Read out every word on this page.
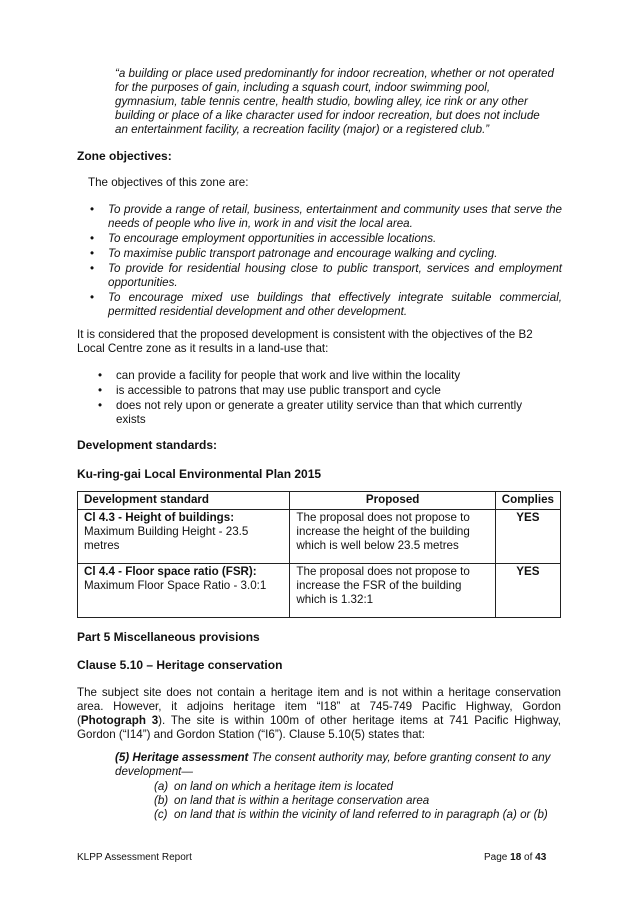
“a building or place used predominantly for indoor recreation, whether or not operated for the purposes of gain, including a squash court, indoor swimming pool, gymnasium, table tennis centre, health studio, bowling alley, ice rink or any other building or place of a like character used for indoor recreation, but does not include an entertainment facility, a recreation facility (major) or a registered club.”
Zone objectives:
The objectives of this zone are:
• To provide a range of retail, business, entertainment and community uses that serve the needs of people who live in, work in and visit the local area.
• To encourage employment opportunities in accessible locations.
• To maximise public transport patronage and encourage walking and cycling.
• To provide for residential housing close to public transport, services and employment opportunities.
• To encourage mixed use buildings that effectively integrate suitable commercial, permitted residential development and other development.
It is considered that the proposed development is consistent with the objectives of the B2 Local Centre zone as it results in a land-use that:
• can provide a facility for people that work and live within the locality
• is accessible to patrons that may use public transport and cycle
• does not rely upon or generate a greater utility service than that which currently exists
Development standards:
Ku-ring-gai Local Environmental Plan 2015
Development standard	Proposed	Complies
Cl 4.3 - Height of buildings:
Maximum Building Height - 23.5 metres	The proposal does not propose to increase the height of the building which is well below 23.5 metres	YES
Cl 4.4 - Floor space ratio (FSR):
Maximum Floor Space Ratio - 3.0:1	The proposal does not propose to increase the FSR of the building which is 1.32:1	YES
Part 5 Miscellaneous provisions
Clause 5.10 – Heritage conservation
The subject site does not contain a heritage item and is not within a heritage conservation area. However, it adjoins heritage item “I18” at 745-749 Pacific Highway, Gordon (Photograph 3). The site is within 100m of other heritage items at 741 Pacific Highway, Gordon (“I14”) and Gordon Station (“I6”). Clause 5.10(5) states that:
(5) Heritage assessment The consent authority may, before granting consent to any development—
(a) on land on which a heritage item is located
(b) on land that is within a heritage conservation area
(c) on land that is within the vicinity of land referred to in paragraph (a) or (b)
KLPP Assessment Report	Page 18 of 43
